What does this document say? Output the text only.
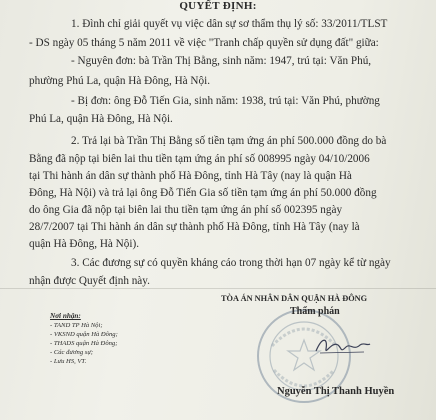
QUYẾT ĐỊNH:
1. Đình chỉ giải quyết vụ việc dân sự sơ thẩm thụ lý số: 33/2011/TLST
- DS ngày 05 tháng 5 năm 2011 về việc "Tranh chấp quyền sử dụng đất" giữa:
- Nguyên đơn: bà Trần Thị Bằng, sinh năm: 1947, trú tại: Văn Phú,
phường Phú La, quận Hà Đông, Hà Nội.
- Bị đơn: ông Đỗ Tiến Gia, sinh năm: 1938, trú tại: Văn Phú, phường
Phú La, quận Hà Đông, Hà Nội.
2. Trả lại bà Trần Thị Bằng số tiền tạm ứng án phí 500.000 đồng do bà
Bằng đã nộp tại biên lai thu tiền tạm ứng án phí số 008995 ngày 04/10/2006
tại Thi hành án dân sự thành phố Hà Đông, tỉnh Hà Tây (nay là quận Hà
Đông, Hà Nội) và trả lại ông Đỗ Tiến Gia số tiền tạm ứng án phí 50.000 đồng
do ông Gia đã nộp tại biên lai thu tiền tạm ứng án phí số 002395 ngày
28/7/2007 tại Thi hành án dân sự thành phố Hà Đông, tỉnh Hà Tây (nay là
quận Hà Đông, Hà Nội).
3. Các đương sự có quyền kháng cáo trong thời hạn 07 ngày kể từ ngày
nhận được Quyết định này.
Nơi nhận:
- TAND TP Hà Nội;
- VKSND quận Hà Đông;
- THADS quận Hà Đông;
- Các đương sự;
- Lưu HS, VT.
TÒA ÁN NHÂN DÂN QUẬN HÀ ĐÔNG
Thẩm phán
Nguyễn Thị Thanh Huyền
